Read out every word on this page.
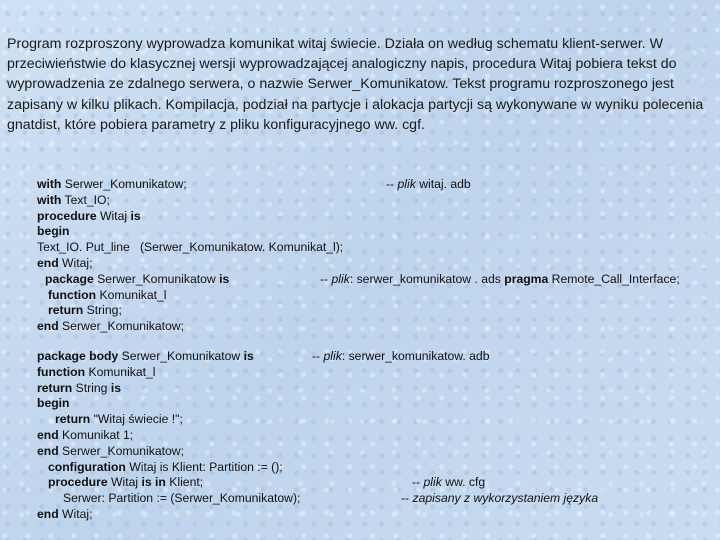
Program rozproszony wyprowadza komunikat witaj świecie. Działa on według schematu klient-serwer. W przeciwieństwie do klasycznej wersji wyprowadzającej analogiczny napis, procedura Witaj pobiera tekst do wyprowadzenia ze zdalnego serwera, o nazwie Serwer_Komunikatow. Tekst programu rozproszonego jest zapisany w kilku plikach. Kompilacja, podział na partycje i alokacja partycji są wykonywane w wyniku polecenia gnatdist, które pobiera parametry z pliku konfiguracyjnego ww. cgf.
with Serwer_Komunikatow;	-- plik witaj. adb
with Text_IO;
procedure Witaj is
begin
Text_IO. Put_line   (Serwer_Komunikatow. Komunikat_l);
end Witaj;
package Serwer_Komunikatow is	-- plik: serwer_komunikatow . ads pragma Remote_Call_Interface;
function Komunikat_l
return String;
end Serwer_Komunikatow;
package body Serwer_Komunikatow is	-- plik: serwer_komunikatow. adb
function Komunikat_l
return String is
begin
return "Witaj świecie !";
end Komunikat 1;
end Serwer_Komunikatow;
configuration Witaj is Klient: Partition := ();
procedure Witaj is in Klient;	-- plik ww. cfg
Serwer: Partition := (Serwer_Komunikatow);	-- zapisany z wykorzystaniem języka
end Witaj;
